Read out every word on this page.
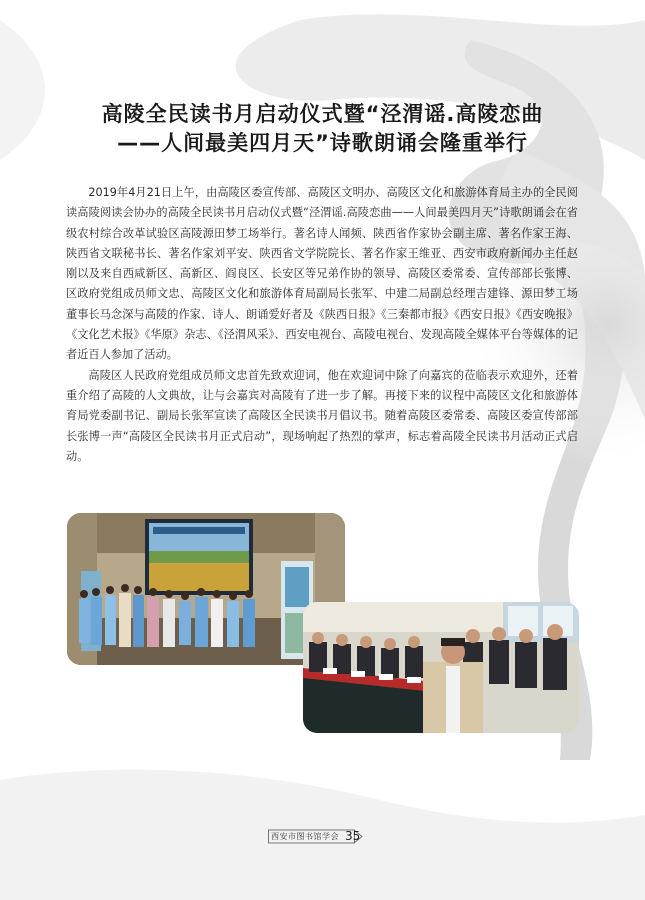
高陵全民读书月启动仪式暨“泾渭谣.高陵恋曲
——人间最美四月天”诗歌朗诵会隆重举行

2019年4月21日上午，由高陵区委宣传部、高陵区文明办、高陵区文化和旅游体育局主办的全民阅读高陵阅读会协办的高陵全民读书月启动仪式暨“泾渭谣.高陵恋曲——人间最美四月天”诗歌朗诵会在省级农村综合改革试验区高陵源田梦工场举行。著名诗人闻频、陕西省作家协会副主席、著名作家王海、陕西省文联秘书长、著名作家刘平安、陕西省文学院院长、著名作家王维亚、西安市政府新闻办主任赵刚以及来自西咸新区、高新区、阎良区、长安区等兄弟作协的领导、高陵区委常委、宣传部部长张博、区政府党组成员师文忠、高陵区文化和旅游体育局副局长张军、中建二局副总经理吉建锋、源田梦工场董事长马念深与高陵的作家、诗人、朗诵爱好者及《陕西日报》《三秦都市报》《西安日报》《西安晚报》《文化艺术报》《华原》杂志、《泾渭风采》、西安电视台、高陵电视台、发现高陵全媒体平台等媒体的记者近百人参加了活动。

高陵区人民政府党组成员师文忠首先致欢迎词，他在欢迎词中除了向嘉宾的莅临表示欢迎外，还着重介绍了高陵的人文典故，让与会嘉宾对高陵有了进一步了解。再接下来的议程中高陵区文化和旅游体育局党委副书记、副局长张军宣读了高陵区全民读书月倡议书。随着高陵区委常委、高陵区委宣传部部长张博一声“高陵区全民读书月正式启动”，现场响起了热烈的掌声，标志着高陵全民读书月活动正式启动。

西安市图书馆学会 35
